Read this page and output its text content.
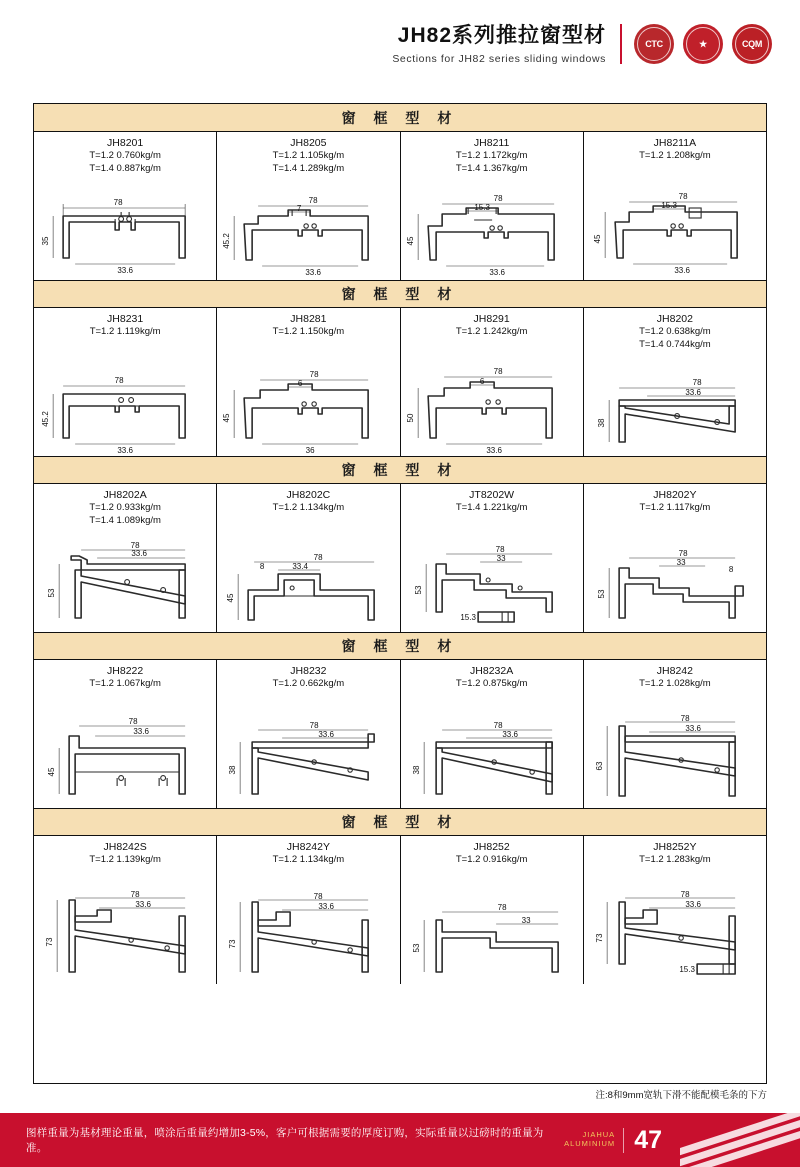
JH82系列推拉窗型材
Sections for JH82 series sliding windows
CTC	★	CQM
窗 框 型 材
JH8201
T=1.2 0.760kg/m
T=1.4 0.887kg/m
78
35
33.6
JH8205
T=1.2 1.105kg/m
T=1.4 1.289kg/m
78
7
45.2
33.6
JH8211
T=1.2 1.172kg/m
T=1.4 1.367kg/m
78
15.3
45
33.6
JH8211A
T=1.2 1.208kg/m
78
15.3
45
33.6
窗 框 型 材
JH8231
T=1.2 1.119kg/m
78
45.2
33.6
JH8281
T=1.2 1.150kg/m
78
6
45
36
JH8291
T=1.2 1.242kg/m
78
6
50
33.6
JH8202
T=1.2 0.638kg/m
T=1.4 0.744kg/m
78
33.6
38
窗 框 型 材
JH8202A
T=1.2 0.933kg/m
T=1.4 1.089kg/m
78
33.6
53
JH8202C
T=1.2 1.134kg/m
78
33.4
8
45
JT8202W
T=1.4 1.221kg/m
78
33
53
15.3
JH8202Y
T=1.2 1.117kg/m
78
33
8
53
窗 框 型 材
JH8222
T=1.2 1.067kg/m
78
33.6
45
JH8232
T=1.2 0.662kg/m
78
33.6
38
JH8232A
T=1.2 0.875kg/m
78
33.6
38
JH8242
T=1.2 1.028kg/m
78
33.6
63
窗 框 型 材
JH8242S
T=1.2 1.139kg/m
78
33.6
73
JH8242Y
T=1.2 1.134kg/m
78
33.6
73
JH8252
T=1.2 0.916kg/m
78
33
53
JH8252Y
T=1.2 1.283kg/m
78
33.6
73
15.3
注:8和9mm宽轨下滑不能配模毛条的下方
图样重量为基材理论重量，喷涂后重量约增加3-5%，客户可根据需要的厚度订购，实际重量以过磅时的重量为准。
JIAHUA
ALUMINIUM 47
